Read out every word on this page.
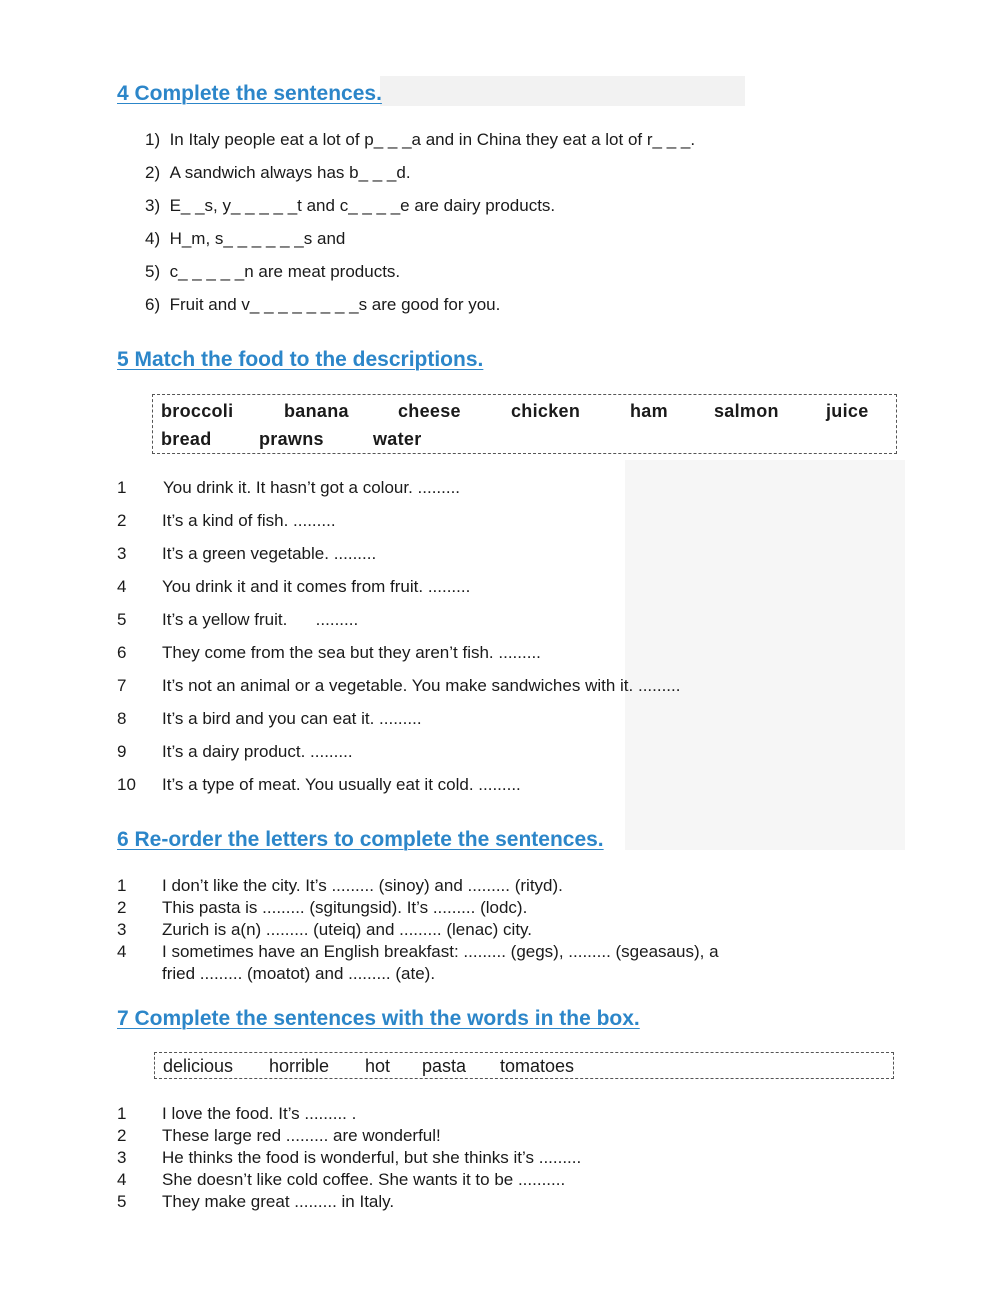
4 Complete the sentences.
1) In Italy people eat a lot of p_ _ _a and in China they eat a lot of r_ _ _.
2) A sandwich always has b_ _ _d.
3) E_ _s, y_ _ _ _ _t and c_ _ _ _e are dairy products.
4) H_m, s_ _ _ _ _ _s and
5) c_ _ _ _ _n are meat products.
6) Fruit and v_ _ _ _ _ _ _ _s are good for you.
5 Match the food to the descriptions.
broccoli	banana	cheese	chicken	ham	salmon	juice
bread	prawns	water
1 You drink it. It hasn’t got a colour. .........
2 It’s a kind of fish. .........
3 It’s a green vegetable. .........
4 You drink it and it comes from fruit. .........
5 It’s a yellow fruit.      .........
6 They come from the sea but they aren’t fish. .........
7 It’s not an animal or a vegetable. You make sandwiches with it. .........
8 It’s a bird and you can eat it. .........
9 It’s a dairy product. .........
10 It’s a type of meat. You usually eat it cold. .........
6 Re-order the letters to complete the sentences.
1 I don’t like the city. It’s ......... (sinoy) and ......... (rityd).
2 This pasta is ......... (sgitungsid). It’s ......... (lodc).
3 Zurich is a(n) ......... (uteiq) and ......... (lenac) city.
4 I sometimes have an English breakfast: ......... (gegs), ......... (sgeasaus), a
fried ......... (moatot) and ......... (ate).
7 Complete the sentences with the words in the box.
delicious horrible hot pasta tomatoes
1 I love the food. It’s ......... .
2 These large red ......... are wonderful!
3 He thinks the food is wonderful, but she thinks it’s .........
4 She doesn’t like cold coffee. She wants it to be ..........
5 They make great ......... in Italy.
